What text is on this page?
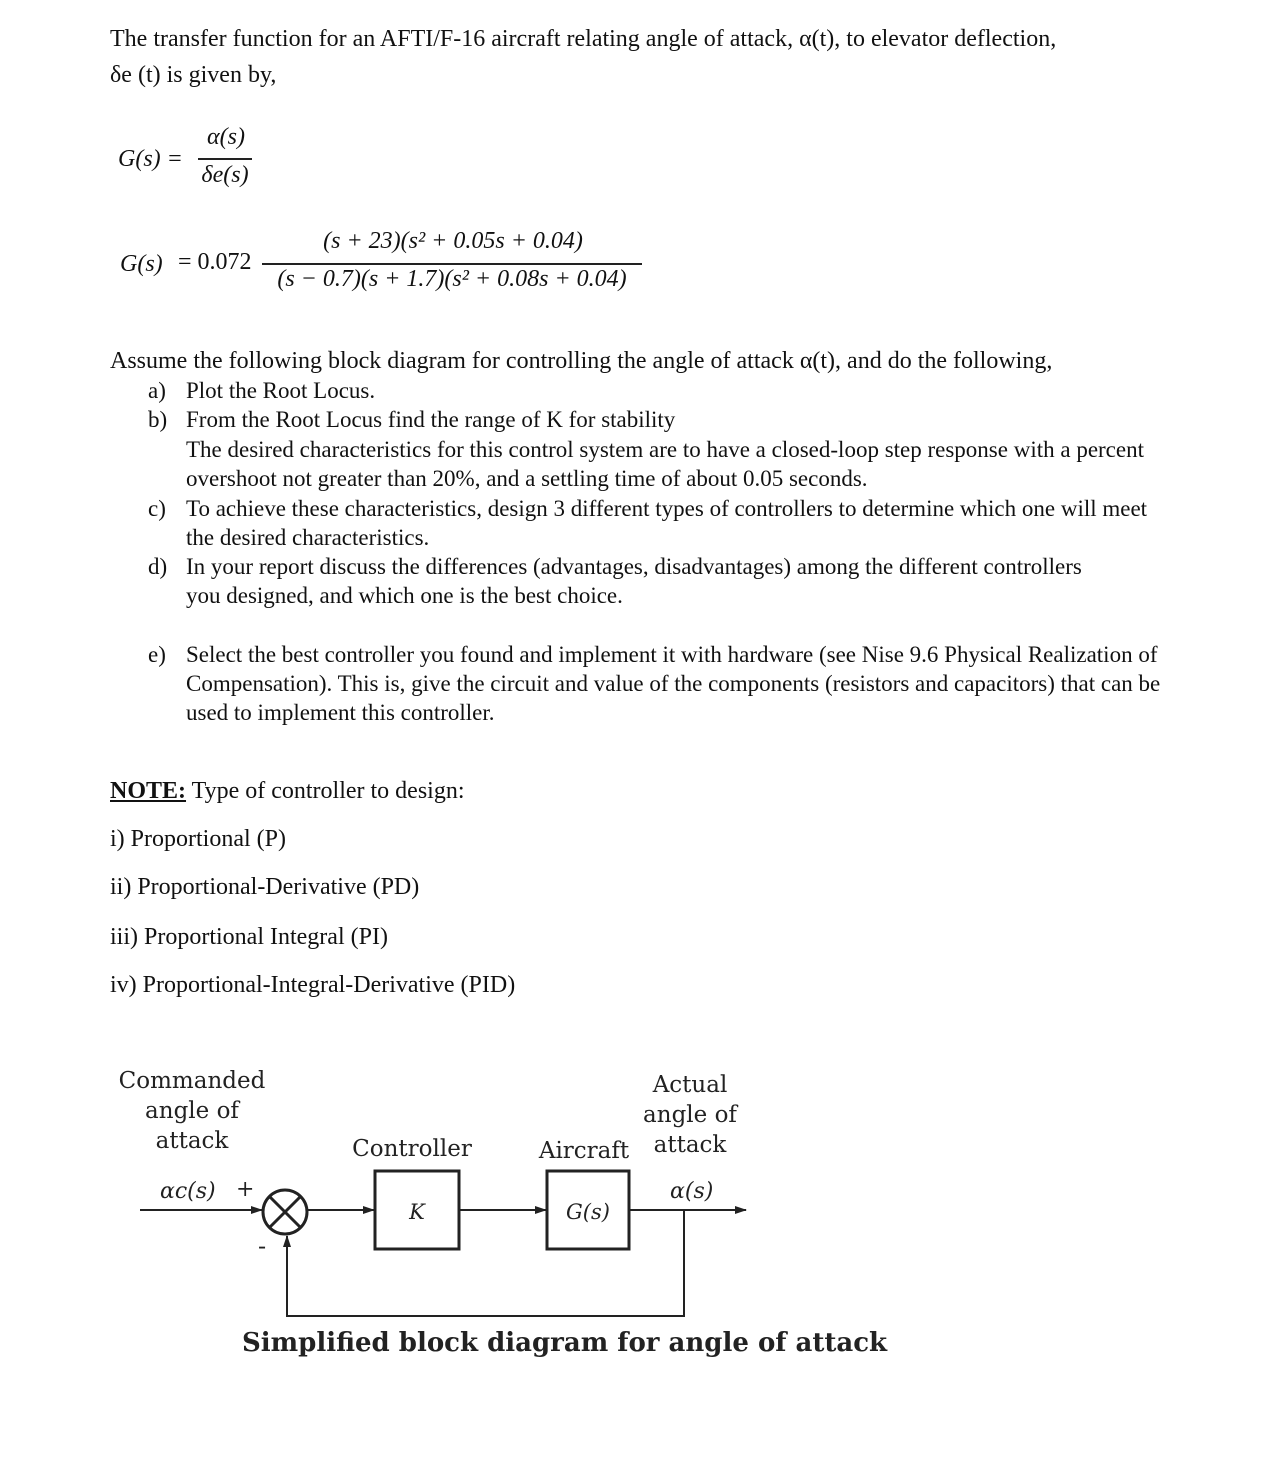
The transfer function for an AFTI/F-16 aircraft relating angle of attack, α(t), to elevator deflection,
δe (t) is given by,
G(s) =
α(s)
δe(s)
G(s) = 0.072
(s + 23)(s² + 0.05s + 0.04)
(s − 0.7)(s + 1.7)(s² + 0.08s + 0.04)
Assume the following block diagram for controlling the angle of attack α(t), and do the following,
a) Plot the Root Locus.
b) From the Root Locus find the range of K for stability
The desired characteristics for this control system are to have a closed-loop step response with a percent overshoot not greater than 20%, and a settling time of about 0.05 seconds.
c) To achieve these characteristics, design 3 different types of controllers to determine which one will meet the desired characteristics.
d) In your report discuss the differences (advantages, disadvantages) among the different controllers you designed, and which one is the best choice.
e) Select the best controller you found and implement it with hardware (see Nise 9.6 Physical Realization of Compensation). This is, give the circuit and value of the components (resistors and capacitors) that can be used to implement this controller.
NOTE: Type of controller to design:
i) Proportional (P)
ii) Proportional-Derivative (PD)
iii) Proportional Integral (PI)
iv) Proportional-Integral-Derivative (PID)
Commanded
angle of
attack
Actual
angle of
attack
Controller	Aircraft
αc(s) +
-
K	G(s)
α(s)
Simplified block diagram for angle of attack
